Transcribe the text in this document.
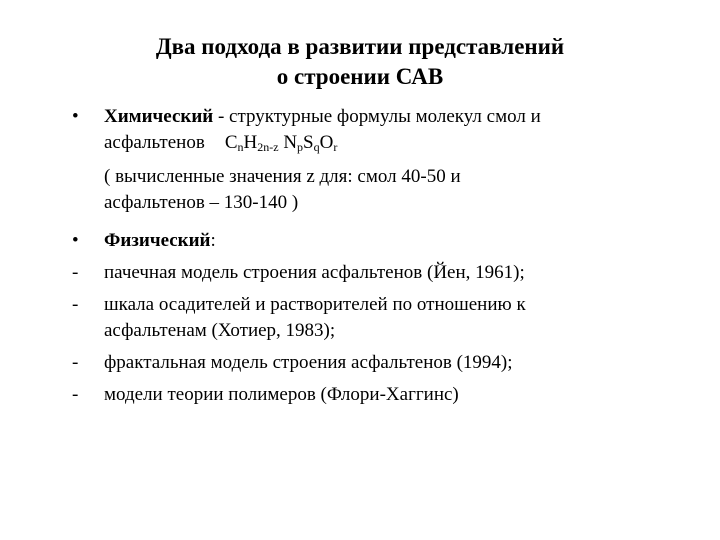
Два подхода в развитии представлений
о строении САВ
•	Химический - структурные формулы молекул смол и
асфальтенов $C_nH_{2n-z}$ $N_pS_qO_r$
( вычисленные значения z для: смол 40-50 и
асфальтенов – 130-140 )
•	Физический:
-	пачечная модель строения асфальтенов (Йен, 1961);
-	шкала осадителей и растворителей по отношению к
асфальтенам (Хотиер, 1983);
-	фрактальная модель строения асфальтенов (1994);
-	модели теории полимеров (Флори-Хаггинс)
